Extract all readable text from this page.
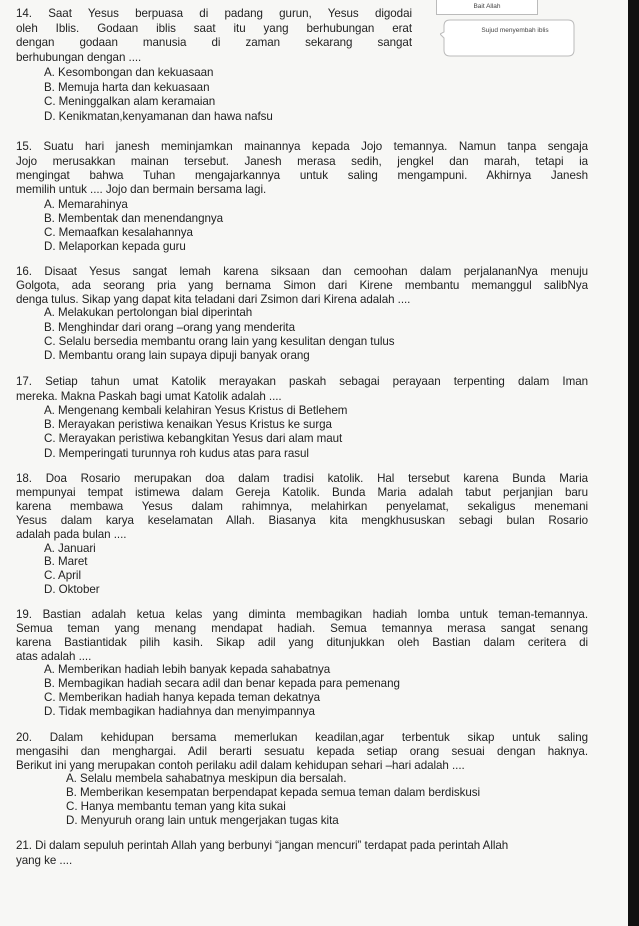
14. Saat Yesus berpuasa di padang gurun, Yesus digodai
oleh Iblis. Godaan iblis saat itu yang berhubungan erat
dengan godaan manusia di zaman sekarang sangat
berhubungan dengan ....
A. Kesombongan dan kekuasaan
B. Memuja harta dan kekuasaan
C. Meninggalkan alam keramaian
D. Kenikmatan,kenyamanan dan hawa nafsu
15. Suatu hari janesh meminjamkan mainannya kepada Jojo temannya. Namun tanpa sengaja
Jojo merusakkan mainan tersebut. Janesh merasa sedih, jengkel dan marah, tetapi ia
mengingat bahwa Tuhan mengajarkannya untuk saling mengampuni. Akhirnya Janesh
memilih untuk .... Jojo dan bermain bersama lagi.
A. Memarahinya
B. Membentak dan menendangnya
C. Memaafkan kesalahannya
D. Melaporkan kepada guru
16. Disaat Yesus sangat lemah karena siksaan dan cemoohan dalam perjalananNya menuju
Golgota, ada seorang pria yang bernama Simon dari Kirene membantu memanggul salibNya
denga tulus. Sikap yang dapat kita teladani dari Zsimon dari Kirena adalah ....
A. Melakukan pertolongan bial diperintah
B. Menghindar dari orang –orang yang menderita
C. Selalu bersedia membantu orang lain yang kesulitan dengan tulus
D. Membantu orang lain supaya dipuji banyak orang
17. Setiap tahun umat Katolik merayakan paskah sebagai perayaan terpenting dalam Iman
mereka. Makna Paskah bagi umat Katolik adalah ....
A. Mengenang kembali kelahiran Yesus Kristus di Betlehem
B. Merayakan peristiwa kenaikan Yesus Kristus ke surga
C. Merayakan peristiwa kebangkitan Yesus dari alam maut
D. Memperingati turunnya roh kudus atas para rasul
18. Doa Rosario merupakan doa dalam tradisi katolik. Hal tersebut karena Bunda Maria
mempunyai tempat istimewa dalam Gereja Katolik. Bunda Maria adalah tabut perjanjian baru
karena membawa Yesus dalam rahimnya, melahirkan penyelamat, sekaligus menemani
Yesus dalam karya keselamatan Allah. Biasanya kita mengkhususkan sebagi bulan Rosario
adalah pada bulan ....
A. Januari
B. Maret
C. April
D. Oktober
19. Bastian adalah ketua kelas yang diminta membagikan hadiah lomba untuk teman-temannya.
Semua teman yang menang mendapat hadiah. Semua temannya merasa sangat senang
karena Bastiantidak pilih kasih. Sikap adil yang ditunjukkan oleh Bastian dalam ceritera di
atas adalah ....
A. Memberikan hadiah lebih banyak kepada sahabatnya
B. Membagikan hadiah secara adil dan benar kepada para pemenang
C. Memberikan hadiah hanya kepada teman dekatnya
D. Tidak membagikan hadiahnya dan menyimpannya
20. Dalam kehidupan bersama memerlukan keadilan,agar terbentuk sikap untuk saling
mengasihi dan menghargai. Adil berarti sesuatu kepada setiap orang sesuai dengan haknya.
Berikut ini yang merupakan contoh perilaku adil dalam kehidupan sehari –hari adalah ....
A. Selalu membela sahabatnya meskipun dia bersalah.
B. Memberikan kesempatan berpendapat kepada semua teman dalam berdiskusi
C. Hanya membantu teman yang kita sukai
D. Menyuruh orang lain untuk mengerjakan tugas kita
21. Di dalam sepuluh perintah Allah yang berbunyi “jangan mencuri” terdapat pada perintah Allah
yang ke ....
Bait Allah
Sujud menyembah iblis
